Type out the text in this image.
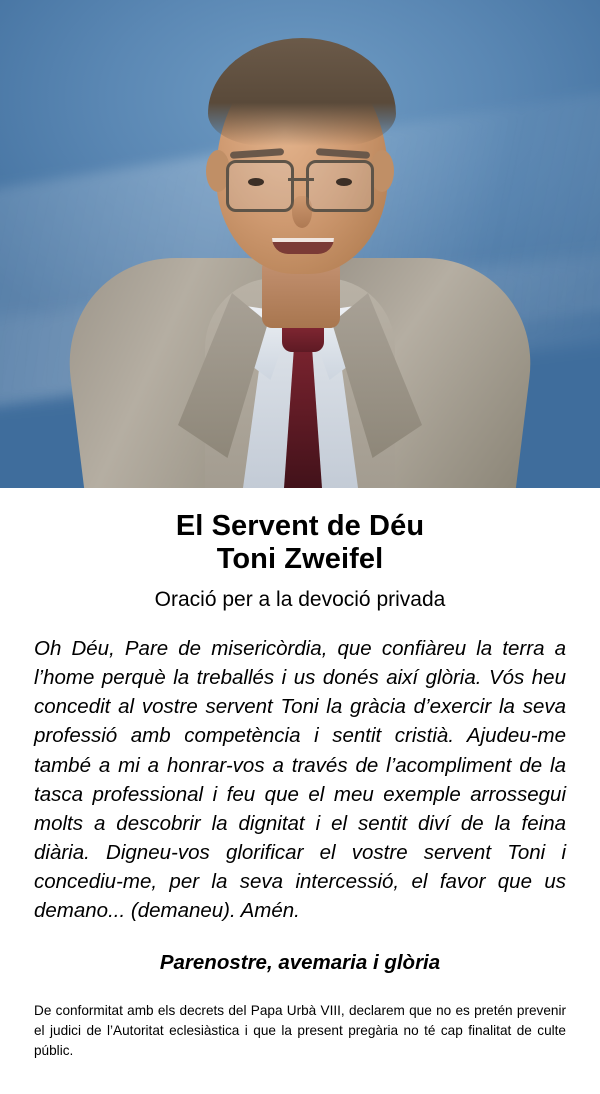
El Servent de Déu
Toni Zweifel
Oració per a la devoció privada

Oh Déu, Pare de misericòrdia, que confiàreu la terra a l’home perquè la treballés i us donés així glòria. Vós heu concedit al vostre servent Toni la gràcia d’exercir la seva professió amb competència i sentit cristià. Ajudeu-me també a mi a honrar-vos a través de l’acompliment de la tasca professional i feu que el meu exemple arrossegui molts a descobrir la dignitat i el sentit diví de la feina diària. Digneu-vos glorificar el vostre servent Toni i concediu-me, per la seva intercessió, el favor que us demano... (demaneu). Amén.

Parenostre, avemaria i glòria

De conformitat amb els decrets del Papa Urbà VIII, declarem que no es pretén prevenir el judici de l’Autoritat eclesiàstica i que la present pregària no té cap finalitat de culte públic.
